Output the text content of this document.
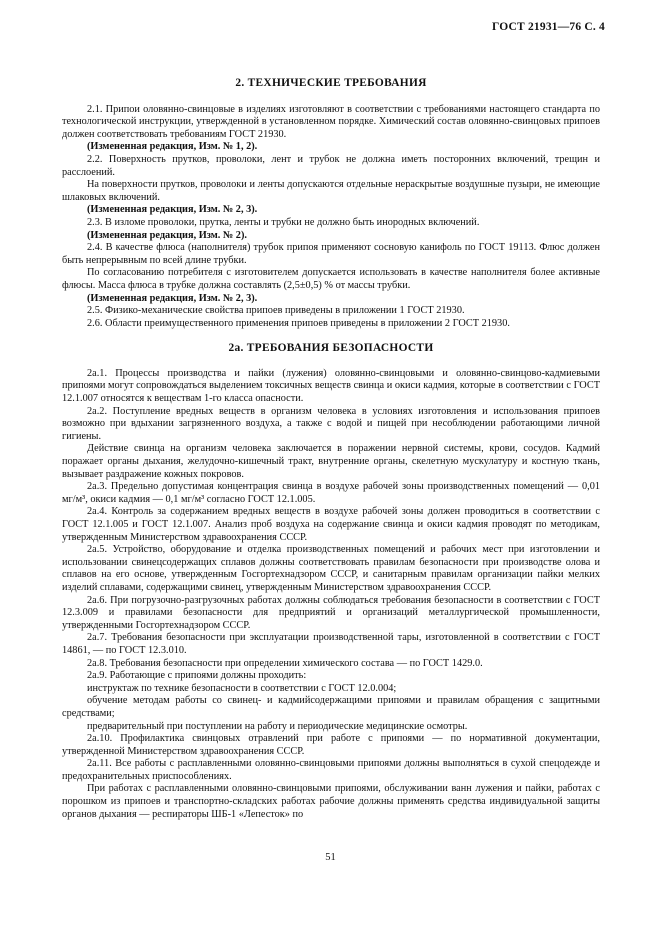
ГОСТ 21931—76 С. 4
2. ТЕХНИЧЕСКИЕ ТРЕБОВАНИЯ

2.1. Припои оловянно-свинцовые в изделиях изготовляют в соответствии с требованиями настоящего стандарта по технологической инструкции, утвержденной в установленном порядке. Химический состав оловянно-свинцовых припоев должен соответствовать требованиям ГОСТ 21930.

(Измененная редакция, Изм. № 1, 2).

2.2. Поверхность прутков, проволоки, лент и трубок не должна иметь посторонних включений, трещин и расслоений.

На поверхности прутков, проволоки и ленты допускаются отдельные нераскрытые воздушные пузыри, не имеющие шлаковых включений.

(Измененная редакция, Изм. № 2, 3).

2.3. В изломе проволоки, прутка, ленты и трубки не должно быть инородных включений.

(Измененная редакция, Изм. № 2).

2.4. В качестве флюса (наполнителя) трубок припоя применяют сосновую канифоль по ГОСТ 19113. Флюс должен быть непрерывным по всей длине трубки.

По согласованию потребителя с изготовителем допускается использовать в качестве наполнителя более активные флюсы. Масса флюса в трубке должна составлять (2,5±0,5) % от массы трубки.

(Измененная редакция, Изм. № 2, 3).

2.5. Физико-механические свойства припоев приведены в приложении 1 ГОСТ 21930.

2.6. Области преимущественного применения припоев приведены в приложении 2 ГОСТ 21930.

2а. ТРЕБОВАНИЯ БЕЗОПАСНОСТИ

2а.1. Процессы производства и пайки (лужения) оловянно-свинцовыми и оловянно-свинцово-кадмиевыми припоями могут сопровождаться выделением токсичных веществ свинца и окиси кадмия, которые в соответствии с ГОСТ 12.1.007 относятся к веществам 1-го класса опасности.

2а.2. Поступление вредных веществ в организм человека в условиях изготовления и использования припоев возможно при вдыхании загрязненного воздуха, а также с водой и пищей при несоблюдении работающими личной гигиены.

Действие свинца на организм человека заключается в поражении нервной системы, крови, сосудов. Кадмий поражает органы дыхания, желудочно-кишечный тракт, внутренние органы, скелетную мускулатуру и костную ткань, вызывает раздражение кожных покровов.

2а.3. Предельно допустимая концентрация свинца в воздухе рабочей зоны производственных помещений — 0,01 мг/м³, окиси кадмия — 0,1 мг/м³ согласно ГОСТ 12.1.005.

2а.4. Контроль за содержанием вредных веществ в воздухе рабочей зоны должен проводиться в соответствии с ГОСТ 12.1.005 и ГОСТ 12.1.007. Анализ проб воздуха на содержание свинца и окиси кадмия проводят по методикам, утвержденным Министерством здравоохранения СССР.

2а.5. Устройство, оборудование и отделка производственных помещений и рабочих мест при изготовлении и использовании свинецсодержащих сплавов должны соответствовать правилам безопасности при производстве олова и сплавов на его основе, утвержденным Госгортехнадзором СССР, и санитарным правилам организации пайки мелких изделий сплавами, содержащими свинец, утвержденным Министерством здравоохранения СССР.

2а.6. При погрузочно-разгрузочных работах должны соблюдаться требования безопасности в соответствии с ГОСТ 12.3.009 и правилами безопасности для предприятий и организаций металлургической промышленности, утвержденными Госгортехнадзором СССР.

2а.7. Требования безопасности при эксплуатации производственной тары, изготовленной в соответствии с ГОСТ 14861, — по ГОСТ 12.3.010.

2а.8. Требования безопасности при определении химического состава — по ГОСТ 1429.0.

2а.9. Работающие с припоями должны проходить:

инструктаж по технике безопасности в соответствии с ГОСТ 12.0.004;

обучение методам работы со свинец- и кадмийсодержащими припоями и правилам обращения с защитными средствами;

предварительный при поступлении на работу и периодические медицинские осмотры.

2а.10. Профилактика свинцовых отравлений при работе с припоями — по нормативной документации, утвержденной Министерством здравоохранения СССР.

2а.11. Все работы с расплавленными оловянно-свинцовыми припоями должны выполняться в сухой спецодежде и предохранительных приспособлениях.

При работах с расплавленными оловянно-свинцовыми припоями, обслуживании ванн лужения и пайки, работах с порошком из припоев и транспортно-складских работах рабочие должны применять средства индивидуальной защиты органов дыхания — респираторы ШБ-1 «Лепесток» по

51
